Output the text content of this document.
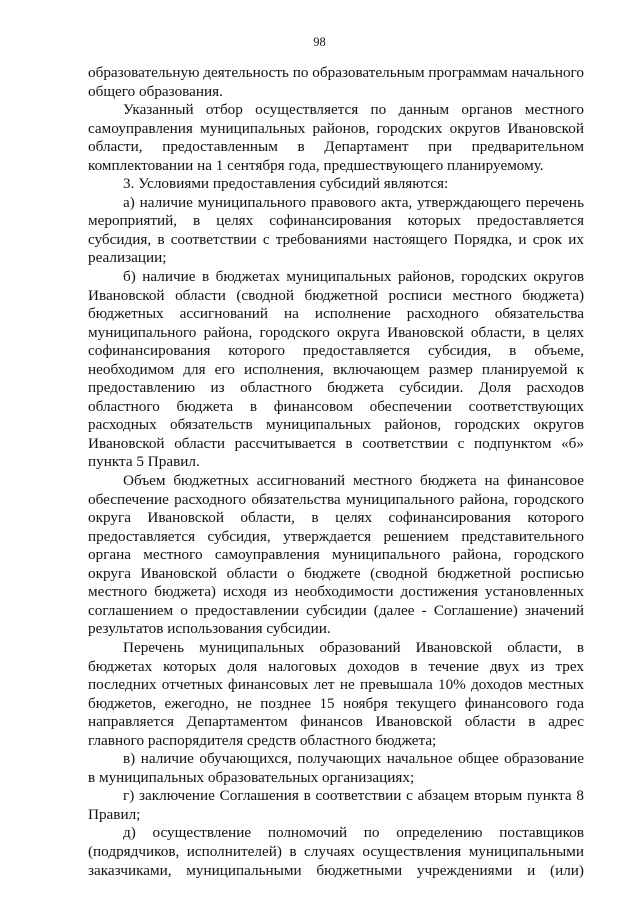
98

образовательную деятельность по образовательным программам начального общего образования.

Указанный отбор осуществляется по данным органов местного самоуправления муниципальных районов, городских округов Ивановской области, предоставленным в Департамент при предварительном комплектовании на 1 сентября года, предшествующего планируемому.

3. Условиями предоставления субсидий являются:

а) наличие муниципального правового акта, утверждающего перечень мероприятий, в целях софинансирования которых предоставляется субсидия, в соответствии с требованиями настоящего Порядка, и срок их реализации;

б) наличие в бюджетах муниципальных районов, городских округов Ивановской области (сводной бюджетной росписи местного бюджета) бюджетных ассигнований на исполнение расходного обязательства муниципального района, городского округа Ивановской области, в целях софинансирования которого предоставляется субсидия, в объеме, необходимом для его исполнения, включающем размер планируемой к предоставлению из областного бюджета субсидии. Доля расходов областного бюджета в финансовом обеспечении соответствующих расходных обязательств муниципальных районов, городских округов Ивановской области рассчитывается в соответствии с подпунктом «б» пункта 5 Правил.

Объем бюджетных ассигнований местного бюджета на финансовое обеспечение расходного обязательства муниципального района, городского округа Ивановской области, в целях софинансирования которого предоставляется субсидия, утверждается решением представительного органа местного самоуправления муниципального района, городского округа Ивановской области о бюджете (сводной бюджетной росписью местного бюджета) исходя из необходимости достижения установленных соглашением о предоставлении субсидии (далее - Соглашение) значений результатов использования субсидии.

Перечень муниципальных образований Ивановской области, в бюджетах которых доля налоговых доходов в течение двух из трех последних отчетных финансовых лет не превышала 10% доходов местных бюджетов, ежегодно, не позднее 15 ноября текущего финансового года направляется Департаментом финансов Ивановской области в адрес главного распорядителя средств областного бюджета;

в) наличие обучающихся, получающих начальное общее образование в муниципальных образовательных организациях;

г) заключение Соглашения в соответствии с абзацем вторым пункта 8 Правил;

д) осуществление полномочий по определению поставщиков (подрядчиков, исполнителей) в случаях осуществления муниципальными заказчиками, муниципальными бюджетными учреждениями и (или)
